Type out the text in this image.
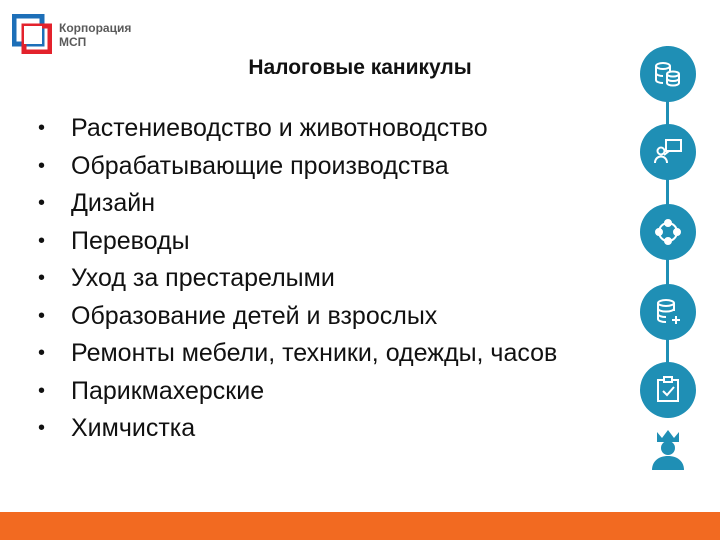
Корпорация
МСП
Налоговые каникулы
• Растениеводство и животноводство
• Обрабатывающие производства
• Дизайн
• Переводы
• Уход за престарелыми
• Образование детей и взрослых
• Ремонты мебели, техники, одежды, часов
• Парикмахерские
• Химчистка
